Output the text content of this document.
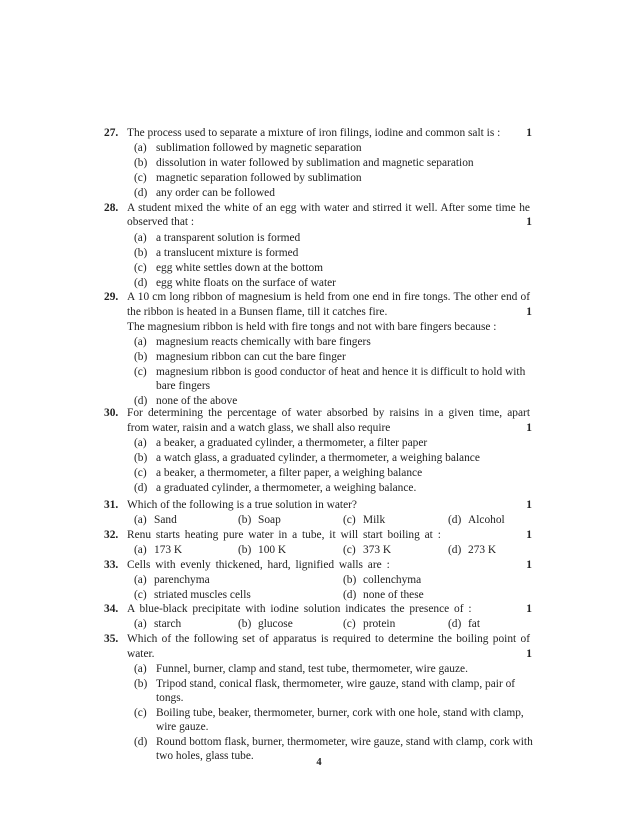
27. The process used to separate a mixture of iron filings, iodine and common salt is :	1
(a) sublimation followed by magnetic separation
(b) dissolution in water followed by sublimation and magnetic separation
(c) magnetic separation followed by sublimation
(d) any order can be followed
28. A student mixed the white of an egg with water and stirred it well. After some time he
observed that :	1
(a) a transparent solution is formed
(b) a translucent mixture is formed
(c) egg white settles down at the bottom
(d) egg white floats on the surface of water
29. A 10 cm long ribbon of magnesium is held from one end in fire tongs. The other end of
the ribbon is heated in a Bunsen flame, till it catches fire.	1
The magnesium ribbon is held with fire tongs and not with bare fingers because :
(a) magnesium reacts chemically with bare fingers
(b) magnesium ribbon can cut the bare finger
(c) magnesium ribbon is good conductor of heat and hence it is difficult to hold with
bare fingers
(d) none of the above
30. For determining the percentage of water absorbed by raisins in a given time, apart
from water, raisin and a watch glass, we shall also require	1
(a) a beaker, a graduated cylinder, a thermometer, a filter paper
(b) a watch glass, a graduated cylinder, a thermometer, a weighing balance
(c) a beaker, a thermometer, a filter paper, a weighing balance
(d) a graduated cylinder, a thermometer, a weighing balance.
31. Which of the following is a true solution in water?	1
(a) Sand	(b) Soap	(c) Milk	(d) Alcohol
32. Renu starts heating pure water in a tube, it will start boiling at :	1
(a) 173 K	(b) 100 K	(c) 373 K	(d) 273 K
33. Cells with evenly thickened, hard, lignified walls are :	1
(a) parenchyma	(b) collenchyma
(c) striated muscles cells	(d) none of these
34. A blue-black precipitate with iodine solution indicates the presence of :	1
(a) starch	(b) glucose	(c) protein	(d) fat
35. Which of the following set of apparatus is required to determine the boiling point of
water.	1
(a) Funnel, burner, clamp and stand, test tube, thermometer, wire gauze.
(b) Tripod stand, conical flask, thermometer, wire gauze, stand with clamp, pair of
tongs.
(c) Boiling tube, beaker, thermometer, burner, cork with one hole, stand with clamp,
wire gauze.
(d) Round bottom flask, burner, thermometer, wire gauze, stand with clamp, cork with
two holes, glass tube.
4
